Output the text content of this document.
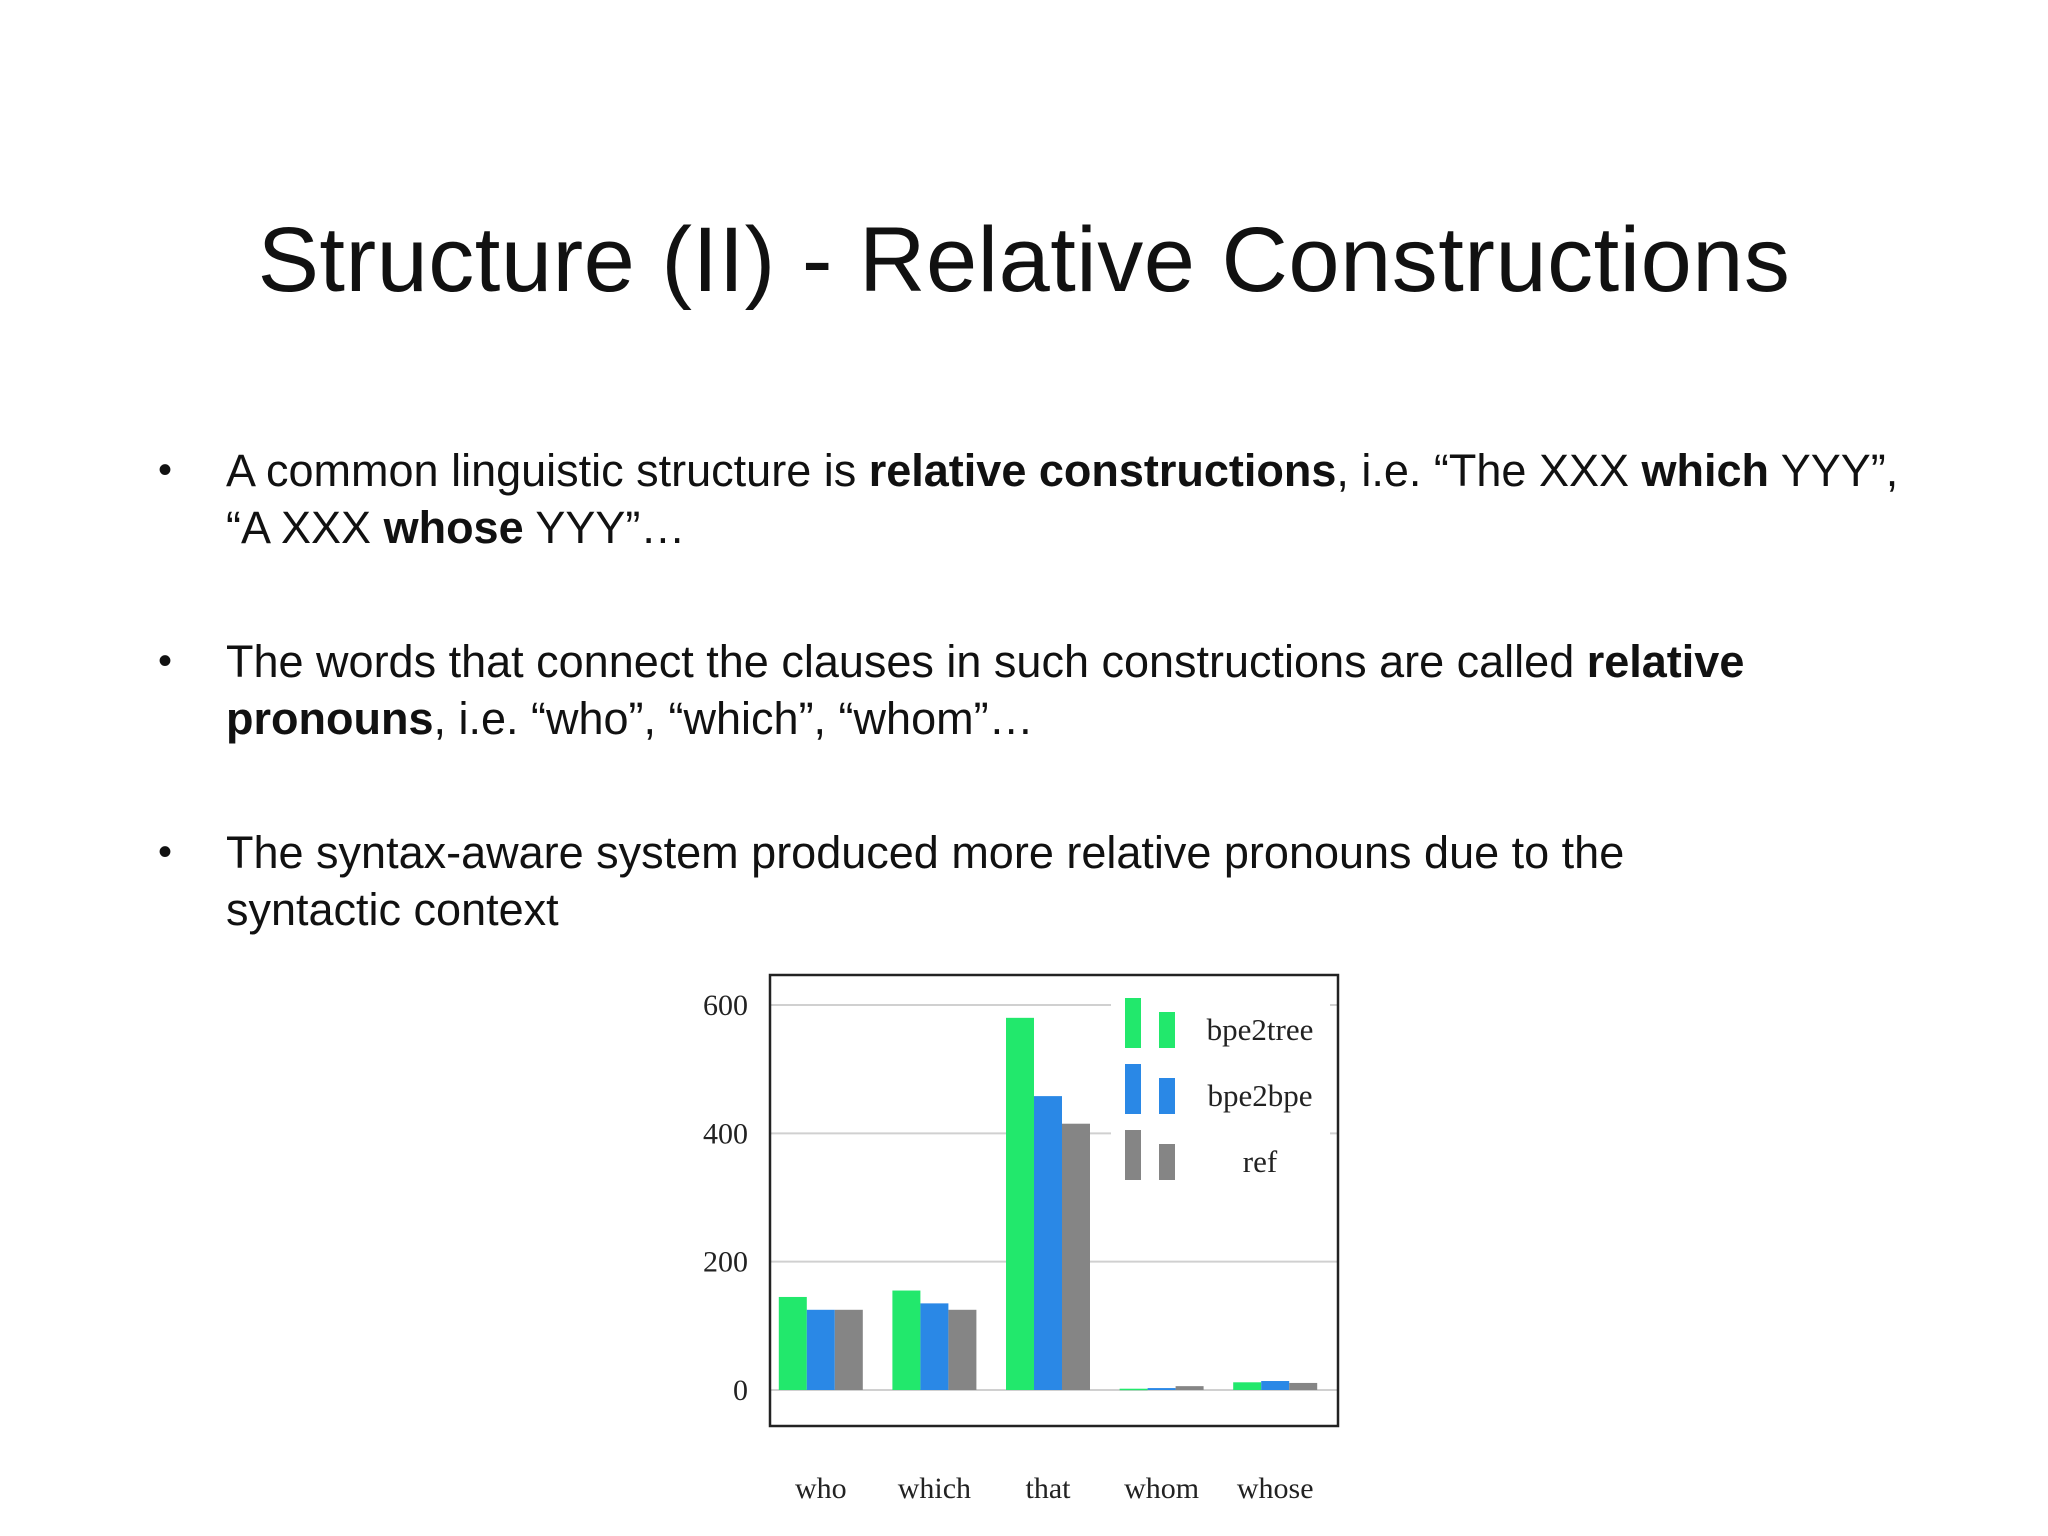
Structure (II) - Relative Constructions
•	A common linguistic structure is relative constructions, i.e. “The XXX which YYY”, “A XXX whose YYY”…
•	The words that connect the clauses in such constructions are called relative pronouns, i.e. “who”, “which”, “whom”…
•	The syntax-aware system produced more relative pronouns due to the syntactic context
0
200
400
600
who which that whom whose
bpe2tree
bpe2bpe
ref
